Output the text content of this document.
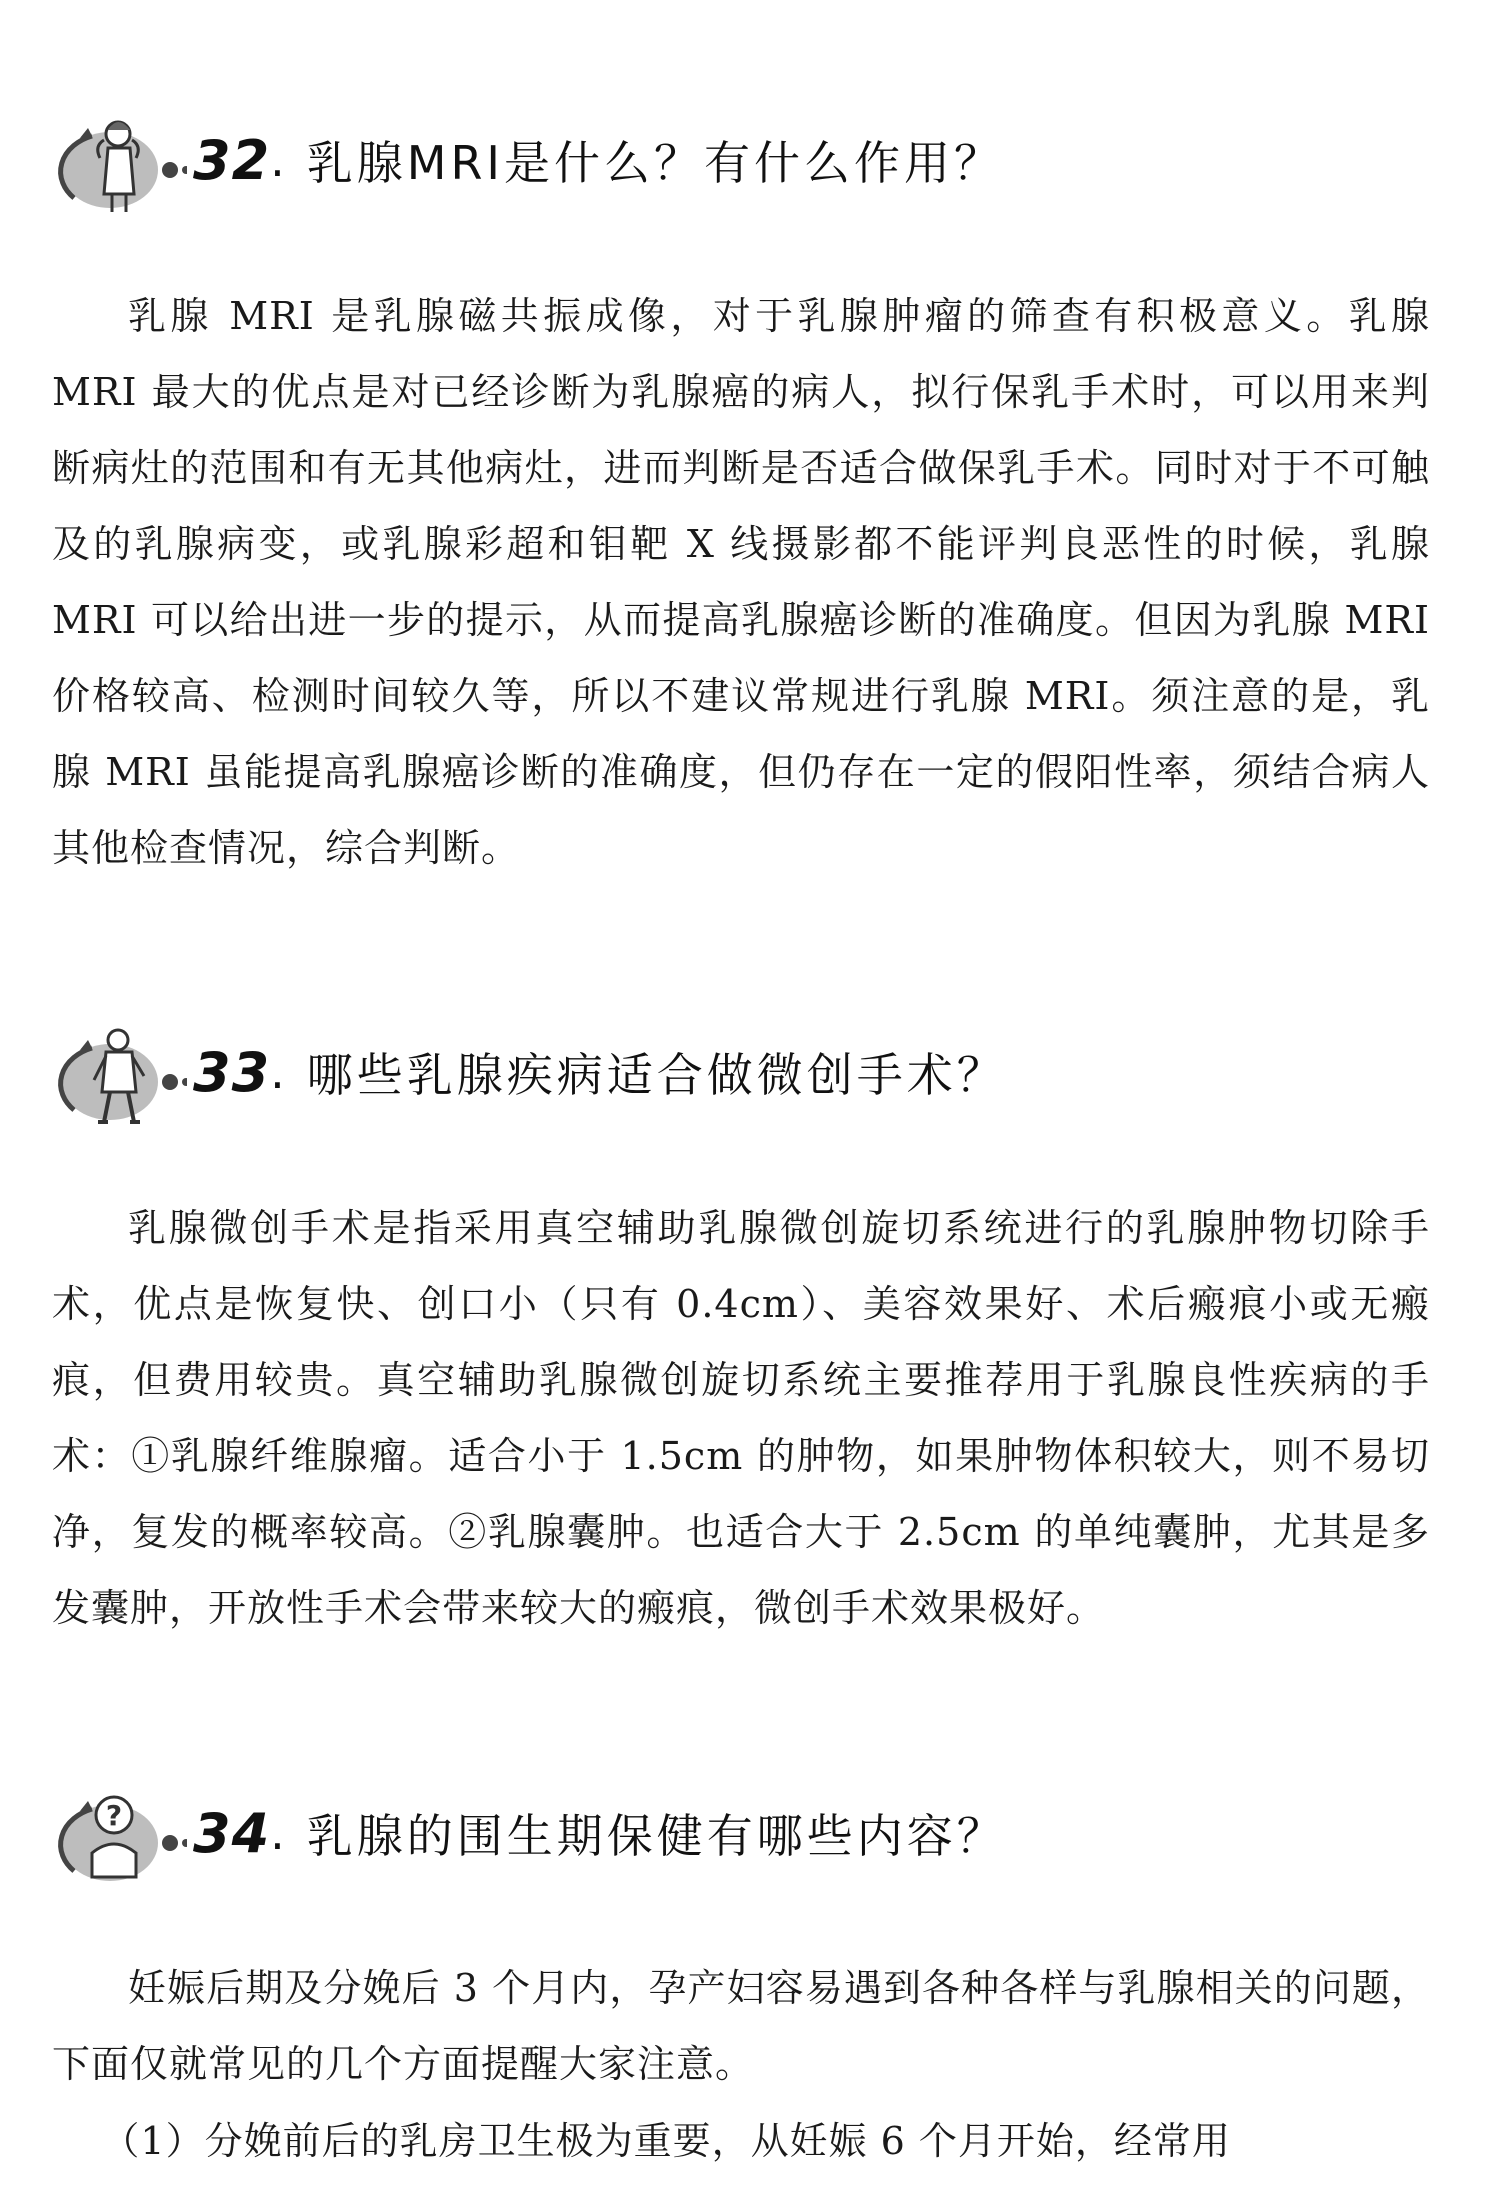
32 . 乳腺MRI是什么？有什么作用？

乳腺 MRI 是乳腺磁共振成像，对于乳腺肿瘤的筛查有积极意义。乳腺 MRI 最大的优点是对已经诊断为乳腺癌的病人，拟行保乳手术时，可以用来判断病灶的范围和有无其他病灶，进而判断是否适合做保乳手术。同时对于不可触及的乳腺病变，或乳腺彩超和钼靶 X 线摄影都不能评判良恶性的时候，乳腺 MRI 可以给出进一步的提示，从而提高乳腺癌诊断的准确度。但因为乳腺 MRI 价格较高、检测时间较久等，所以不建议常规进行乳腺 MRI。须注意的是，乳腺 MRI 虽能提高乳腺癌诊断的准确度，但仍存在一定的假阳性率，须结合病人其他检查情况，综合判断。

33 . 哪些乳腺疾病适合做微创手术？

乳腺微创手术是指采用真空辅助乳腺微创旋切系统进行的乳腺肿物切除手术，优点是恢复快、创口小（只有 0.4cm）、美容效果好、术后瘢痕小或无瘢痕，但费用较贵。真空辅助乳腺微创旋切系统主要推荐用于乳腺良性疾病的手术：①乳腺纤维腺瘤。适合小于 1.5cm 的肿物，如果肿物体积较大，则不易切净，复发的概率较高。②乳腺囊肿。也适合大于 2.5cm 的单纯囊肿，尤其是多发囊肿，开放性手术会带来较大的瘢痕，微创手术效果极好。

? 34 . 乳腺的围生期保健有哪些内容？

妊娠后期及分娩后 3 个月内，孕产妇容易遇到各种各样与乳腺相关的问题，下面仅就常见的几个方面提醒大家注意。

（1）分娩前后的乳房卫生极为重要，从妊娠 6 个月开始，经常用
